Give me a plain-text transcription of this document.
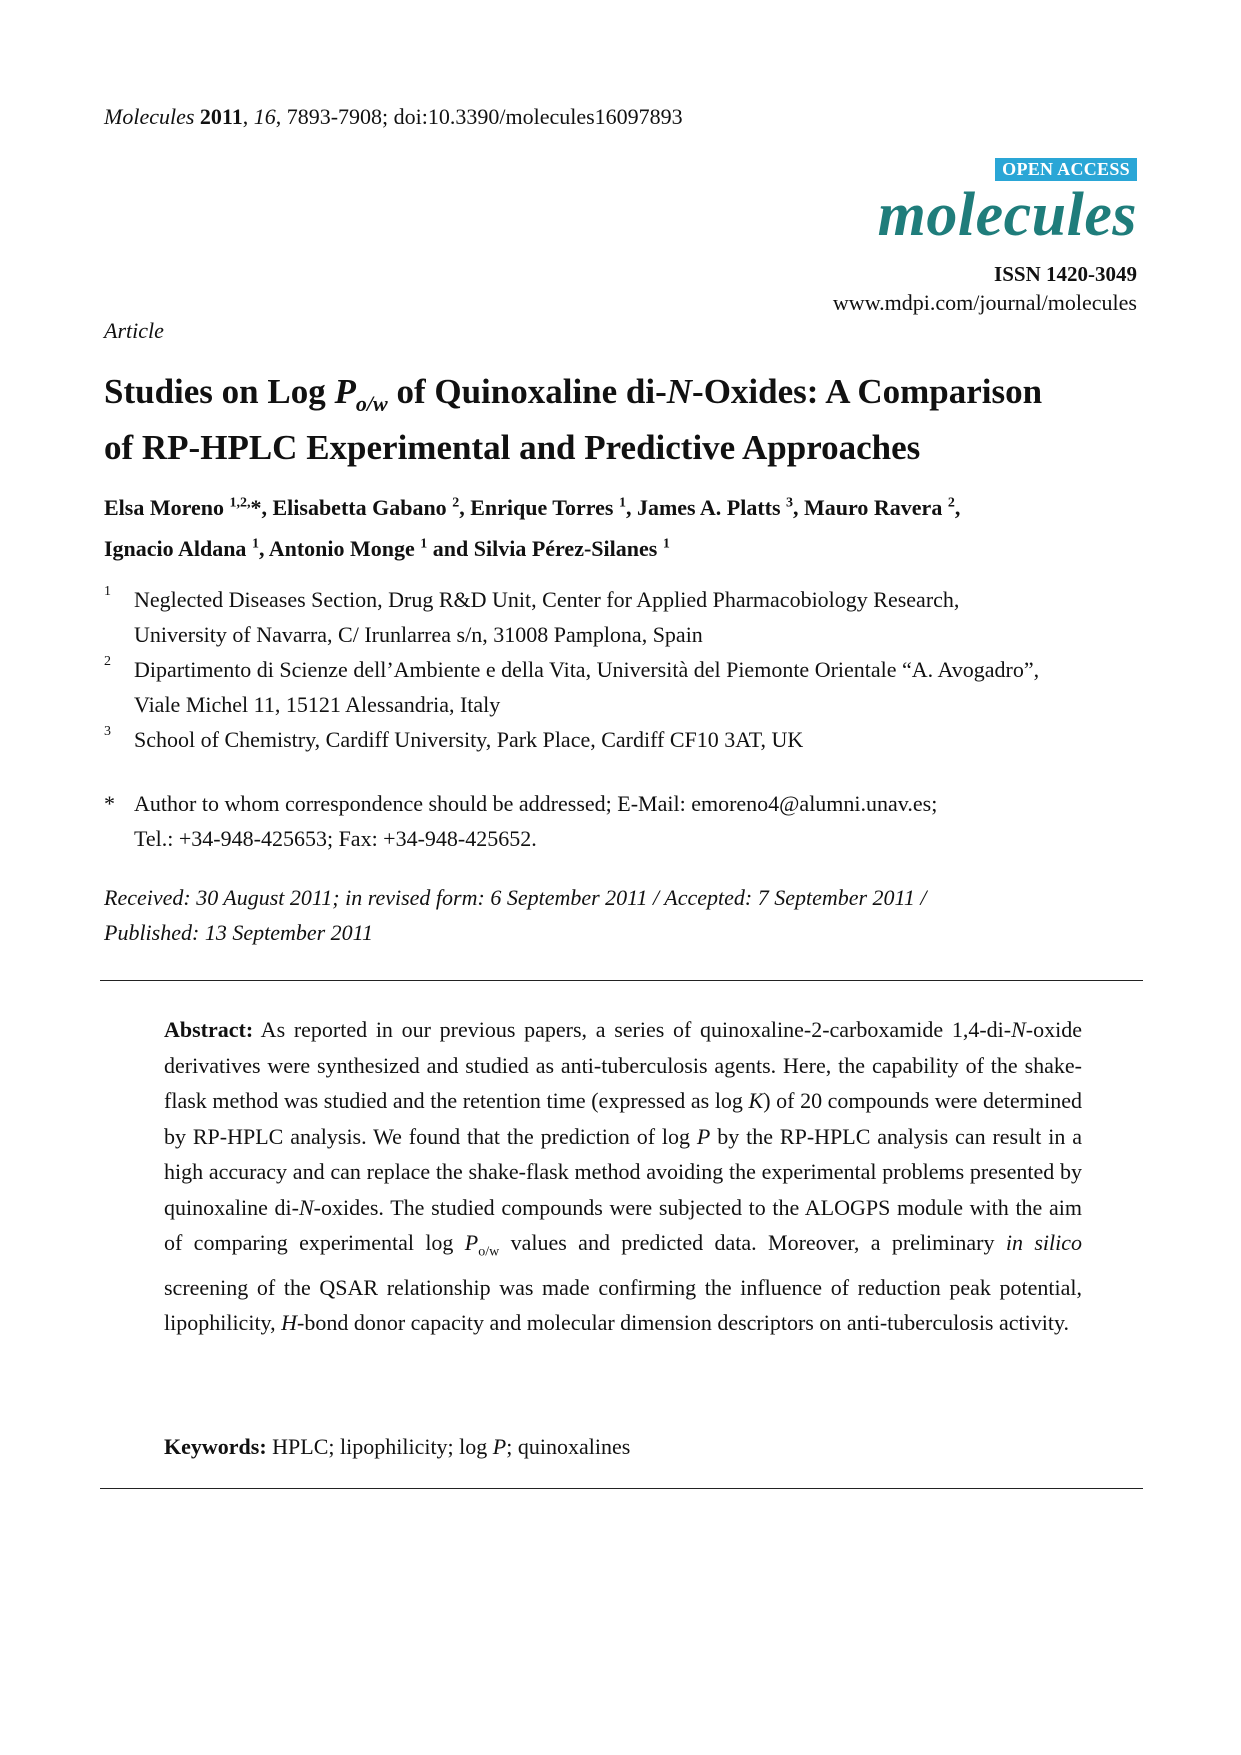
Molecules 2011, 16, 7893-7908; doi:10.3390/molecules16097893
OPEN ACCESS
molecules
ISSN 1420-3049
www.mdpi.com/journal/molecules
Article
Studies on Log $P_{o/w}$ of Quinoxaline di-N-Oxides: A Comparison
of RP-HPLC Experimental and Predictive Approaches
Elsa Moreno $^{1,2,}$*, Elisabetta Gabano $^2$, Enrique Torres $^1$, James A. Platts $^3$, Mauro Ravera $^2$,
Ignacio Aldana $^1$, Antonio Monge $^1$ and Silvia Pérez-Silanes $^1$
1 Neglected Diseases Section, Drug R&D Unit, Center for Applied Pharmacobiology Research,
University of Navarra, C/ Irunlarrea s/n, 31008 Pamplona, Spain
2 Dipartimento di Scienze dell’Ambiente e della Vita, Università del Piemonte Orientale “A. Avogadro”,
Viale Michel 11, 15121 Alessandria, Italy
3 School of Chemistry, Cardiff University, Park Place, Cardiff CF10 3AT, UK
* Author to whom correspondence should be addressed; E-Mail: emoreno4@alumni.unav.es;
Tel.: +34-948-425653; Fax: +34-948-425652.
Received: 30 August 2011; in revised form: 6 September 2011 / Accepted: 7 September 2011 /
Published: 13 September 2011
Abstract: As reported in our previous papers, a series of quinoxaline-2-carboxamide 1,4-di-N-oxide derivatives were synthesized and studied as anti-tuberculosis agents. Here, the capability of the shake-flask method was studied and the retention time (expressed as log K) of 20 compounds were determined by RP-HPLC analysis. We found that the prediction of log P by the RP-HPLC analysis can result in a high accuracy and can replace the shake-flask method avoiding the experimental problems presented by quinoxaline di-N-oxides. The studied compounds were subjected to the ALOGPS module with the aim of comparing experimental $\log P_{o/w}$ values and predicted data. Moreover, a preliminary in silico screening of the QSAR relationship was made confirming the influence of reduction peak potential, lipophilicity, H-bond donor capacity and molecular dimension descriptors on anti-tuberculosis activity.
Keywords: HPLC; lipophilicity; log P; quinoxalines
